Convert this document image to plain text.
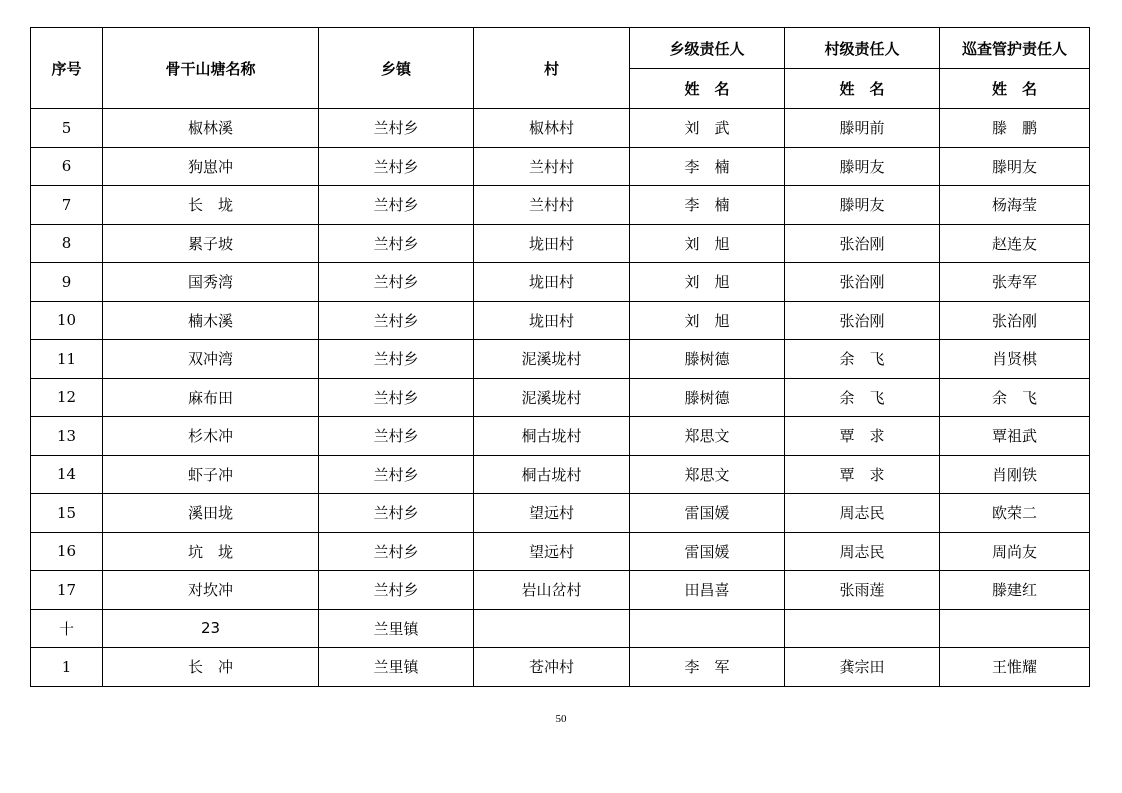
序号	骨干山塘名称	乡镇	村	乡级责任人	村级责任人	巡查管护责任人
				姓　名	姓　名	姓　名
5	椒林溪	兰村乡	椒林村	刘　武	滕明前	滕　鹏
6	狗崽冲	兰村乡	兰村村	李　楠	滕明友	滕明友
7	长　垅	兰村乡	兰村村	李　楠	滕明友	杨海莹
8	累子坡	兰村乡	垅田村	刘　旭	张治刚	赵连友
9	国秀湾	兰村乡	垅田村	刘　旭	张治刚	张寿军
10	楠木溪	兰村乡	垅田村	刘　旭	张治刚	张治刚
11	双冲湾	兰村乡	泥溪垅村	滕树德	余　飞	肖贤棋
12	麻布田	兰村乡	泥溪垅村	滕树德	余　飞	余　飞
13	杉木冲	兰村乡	桐古垅村	郑思文	覃　求	覃祖武
14	虾子冲	兰村乡	桐古垅村	郑思文	覃　求	肖刚铁
15	溪田垅	兰村乡	望远村	雷国媛	周志民	欧荣二
16	坑　垅	兰村乡	望远村	雷国媛	周志民	周尚友
17	对坎冲	兰村乡	岩山岔村	田昌喜	张雨莲	滕建红
十	23	兰里镇				
1	长　冲	兰里镇	苍冲村	李　军	龚宗田	王惟耀
50
